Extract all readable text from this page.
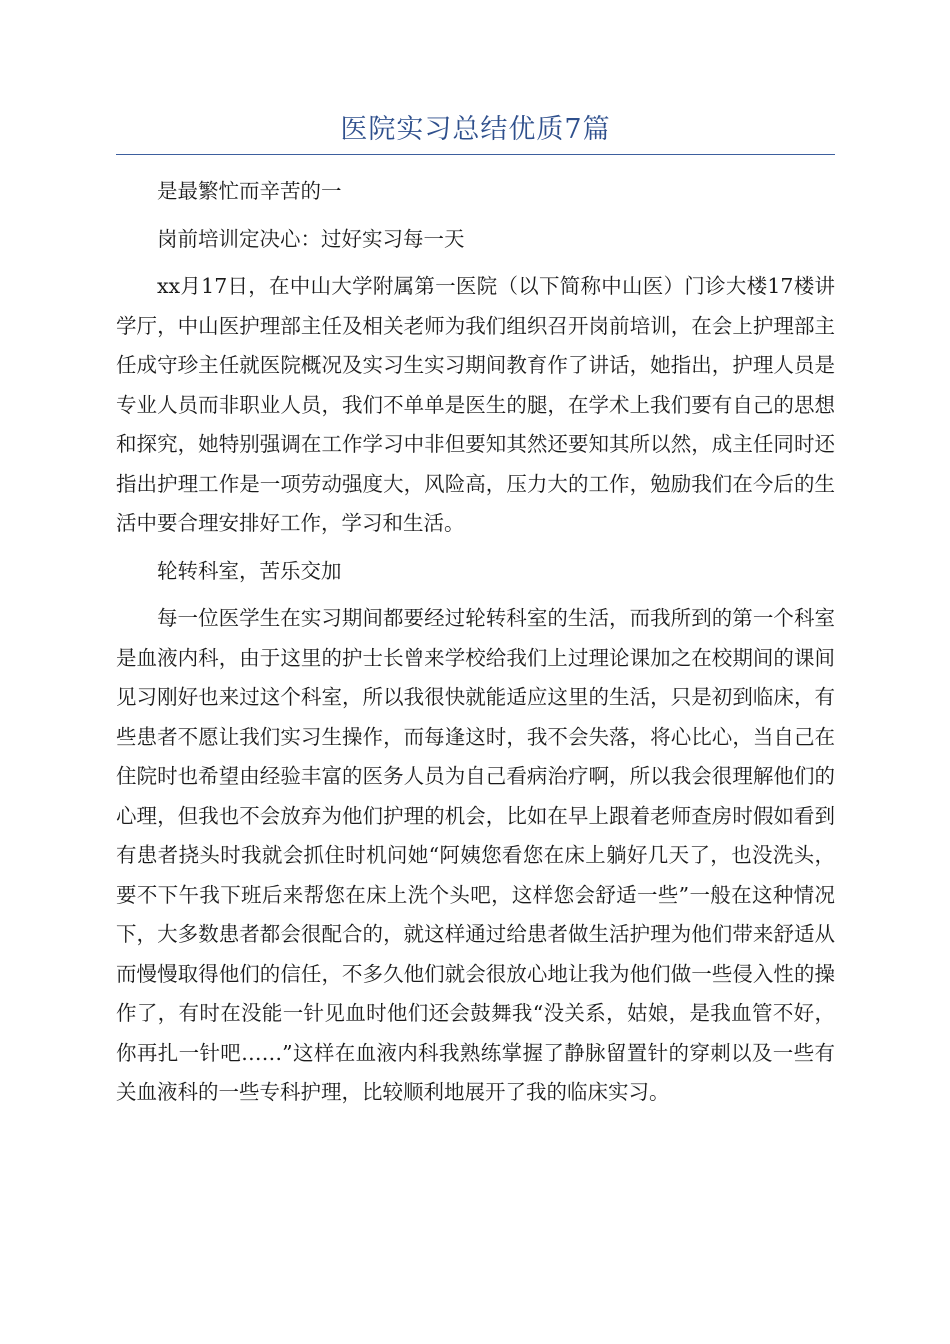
医院实习总结优质7篇

是最繁忙而辛苦的一

岗前培训定决心：过好实习每一天

xx月17日，在中山大学附属第一医院（以下简称中山医）门诊大楼17楼讲学厅，中山医护理部主任及相关老师为我们组织召开岗前培训，在会上护理部主任成守珍主任就医院概况及实习生实习期间教育作了讲话，她指出，护理人员是专业人员而非职业人员，我们不单单是医生的腿，在学术上我们要有自己的思想和探究，她特别强调在工作学习中非但要知其然还要知其所以然，成主任同时还指出护理工作是一项劳动强度大，风险高，压力大的工作，勉励我们在今后的生活中要合理安排好工作，学习和生活。

轮转科室，苦乐交加

每一位医学生在实习期间都要经过轮转科室的生活，而我所到的第一个科室是血液内科，由于这里的护士长曾来学校给我们上过理论课加之在校期间的课间见习刚好也来过这个科室，所以我很快就能适应这里的生活，只是初到临床，有些患者不愿让我们实习生操作，而每逢这时，我不会失落，将心比心，当自己在住院时也希望由经验丰富的医务人员为自己看病治疗啊，所以我会很理解他们的心理，但我也不会放弃为他们护理的机会，比如在早上跟着老师查房时假如看到有患者挠头时我就会抓住时机问她“阿姨您看您在床上躺好几天了，也没洗头，要不下午我下班后来帮您在床上洗个头吧，这样您会舒适一些”一般在这种情况下，大多数患者都会很配合的，就这样通过给患者做生活护理为他们带来舒适从而慢慢取得他们的信任，不多久他们就会很放心地让我为他们做一些侵入性的操作了，有时在没能一针见血时他们还会鼓舞我“没关系，姑娘，是我血管不好，你再扎一针吧……”这样在血液内科我熟练掌握了静脉留置针的穿刺以及一些有关血液科的一些专科护理，比较顺利地展开了我的临床实习。
